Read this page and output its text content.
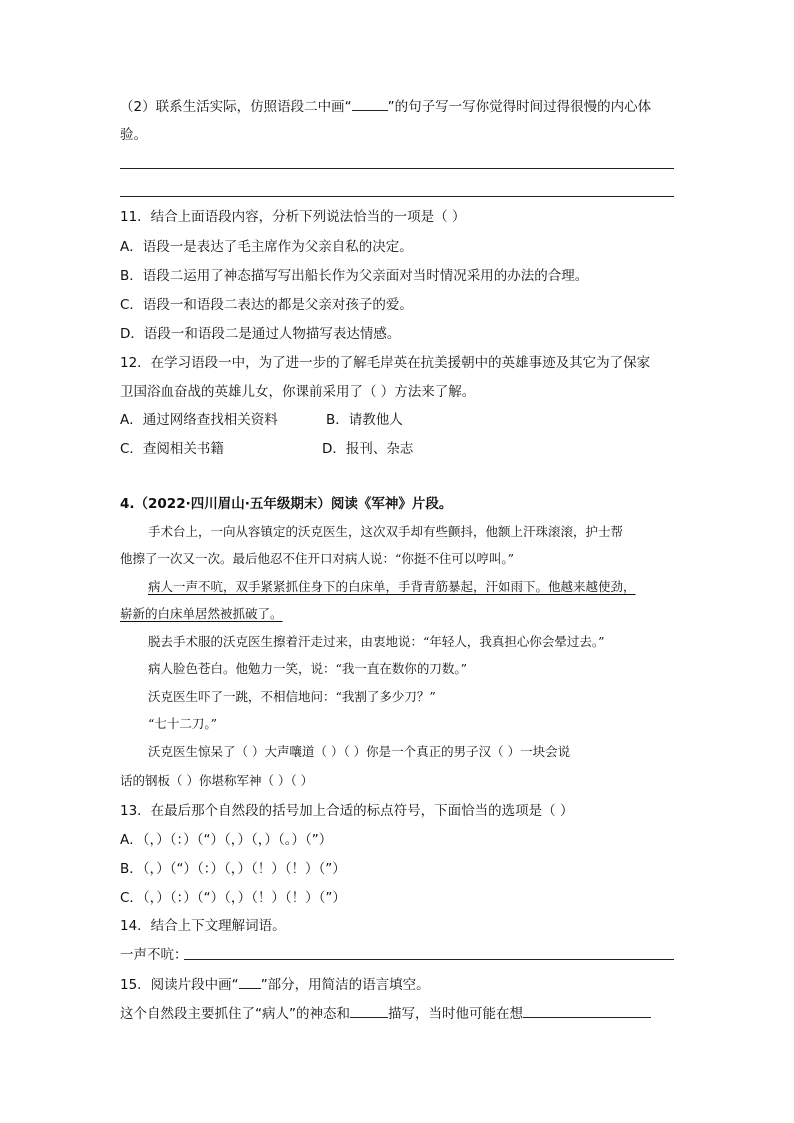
（2）联系生活实际，仿照语段二中画“	”的句子写一写你觉得时间过得很慢的内心体
验。
11．结合上面语段内容，分析下列说法恰当的一项是（ ）
A．语段一是表达了毛主席作为父亲自私的决定。
B．语段二运用了神态描写写出船长作为父亲面对当时情况采用的办法的合理。
C．语段一和语段二表达的都是父亲对孩子的爱。
D．语段一和语段二是通过人物描写表达情感。
12．在学习语段一中，为了进一步的了解毛岸英在抗美援朝中的英雄事迹及其它为了保家
卫国浴血奋战的英雄儿女，你课前采用了（ ）方法来了解。
A．通过网络查找相关资料	B．请教他人
C．查阅相关书籍	D．报刊、杂志
4.（2022·四川眉山·五年级期末）阅读《军神》片段。
手术台上，一向从容镇定的沃克医生，这次双手却有些颤抖，他额上汗珠滚滚，护士帮
他擦了一次又一次。最后他忍不住开口对病人说：“你挺不住可以哼叫。”
病人一声不吭，双手紧紧抓住身下的白床单，手背青筋暴起，汗如雨下。他越来越使劲，
崭新的白床单居然被抓破了。
脱去手术服的沃克医生擦着汗走过来，由衷地说：“年轻人，我真担心你会晕过去。”
病人脸色苍白。他勉力一笑，说：“我一直在数你的刀数。”
沃克医生吓了一跳，不相信地问：“我割了多少刀？”
“七十二刀。”
沃克医生惊呆了（ ）大声嚷道（ ）（ ）你是一个真正的男子汉（ ）一块会说
话的钢板（ ）你堪称军神（ ）（ ）
13．在最后那个自然段的括号加上合适的标点符号，下面恰当的选项是（ ）
A．（，）（：）（“）（，）（，）（。）（”）
B．（，）（“）（：）（，）（！）（！）（”）
C．（，）（：）（“）（，）（！）（！）（”）
14．结合上下文理解词语。
一声不吭：
15．阅读片段中画“ ”部分，用简洁的语言填空。
这个自然段主要抓住了“病人”的神态和	描写，当时他可能在想
